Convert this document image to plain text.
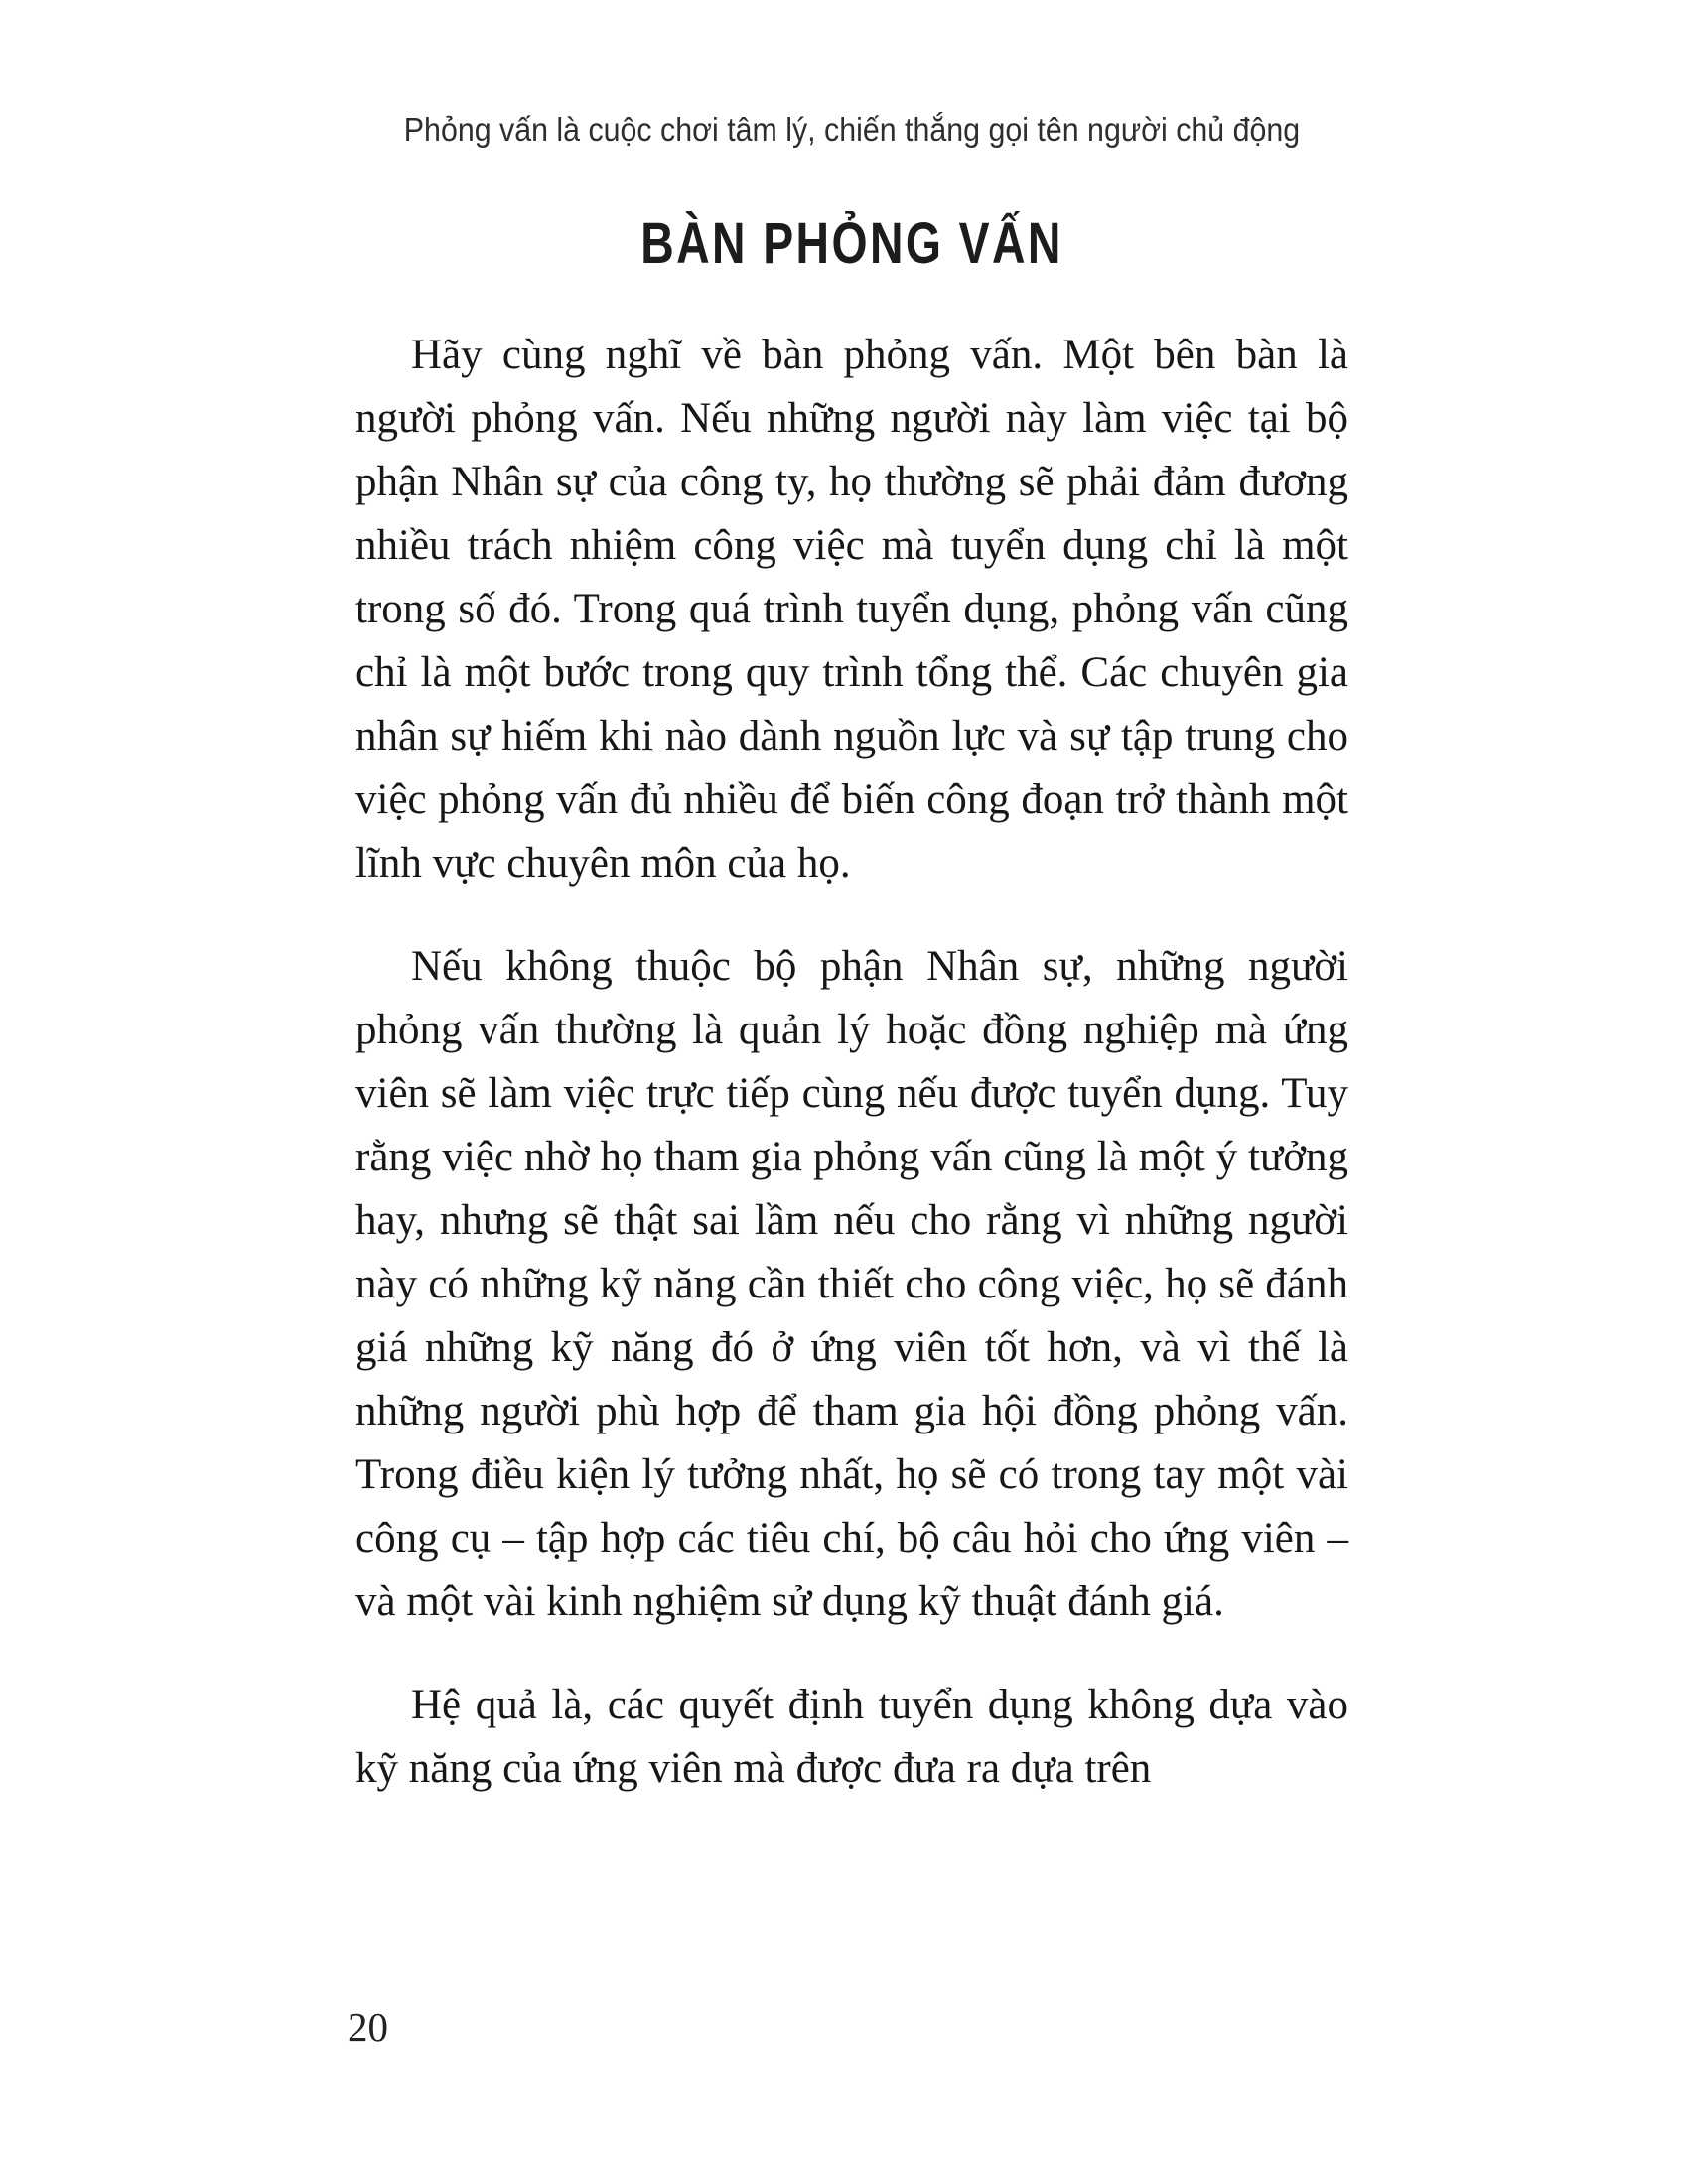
Phỏng vấn là cuộc chơi tâm lý, chiến thắng gọi tên người chủ động
BÀN PHỎNG VẤN

Hãy cùng nghĩ về bàn phỏng vấn. Một bên bàn là người phỏng vấn. Nếu những người này làm việc tại bộ phận Nhân sự của công ty, họ thường sẽ phải đảm đương nhiều trách nhiệm công việc mà tuyển dụng chỉ là một trong số đó. Trong quá trình tuyển dụng, phỏng vấn cũng chỉ là một bước trong quy trình tổng thể. Các chuyên gia nhân sự hiếm khi nào dành nguồn lực và sự tập trung cho việc phỏng vấn đủ nhiều để biến công đoạn trở thành một lĩnh vực chuyên môn của họ.

Nếu không thuộc bộ phận Nhân sự, những người phỏng vấn thường là quản lý hoặc đồng nghiệp mà ứng viên sẽ làm việc trực tiếp cùng nếu được tuyển dụng. Tuy rằng việc nhờ họ tham gia phỏng vấn cũng là một ý tưởng hay, nhưng sẽ thật sai lầm nếu cho rằng vì những người này có những kỹ năng cần thiết cho công việc, họ sẽ đánh giá những kỹ năng đó ở ứng viên tốt hơn, và vì thế là những người phù hợp để tham gia hội đồng phỏng vấn. Trong điều kiện lý tưởng nhất, họ sẽ có trong tay một vài công cụ – tập hợp các tiêu chí, bộ câu hỏi cho ứng viên – và một vài kinh nghiệm sử dụng kỹ thuật đánh giá.

Hệ quả là, các quyết định tuyển dụng không dựa vào kỹ năng của ứng viên mà được đưa ra dựa trên

20
